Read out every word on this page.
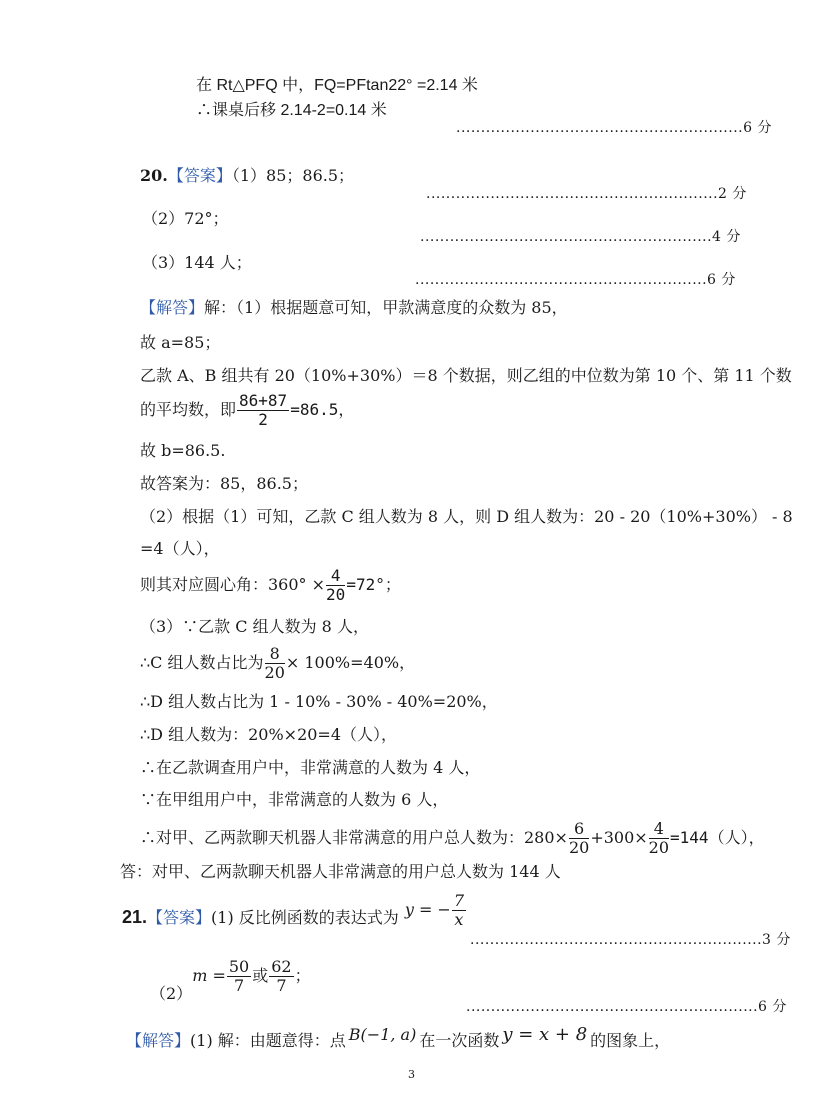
在 Rt△PFQ 中，FQ=PFtan22° =2.14 米
∴课桌后移 2.14-2=0.14 米
..........................................................6 分
20.【答案】（1）85；86.5；
...........................................................2 分
（2）72°；
...........................................................4 分
（3）144 人；
...........................................................6 分
【解答】解：（1）根据题意可知，甲款满意度的众数为 85，
故 a=85；
乙款 A、B 组共有 20（10%+30%）＝8 个数据，则乙组的中位数为第 10 个、第 11 个数
的平均数，即 $\frac{86+87}{2} =86.5$，
故 b=86.5.
故答案为：85，86.5；
（2）根据（1）可知，乙款 C 组人数为 8 人，则 D 组人数为：20 - 20（10%+30%） - 8
=4（人），
则其对应圆心角：$360^\circ \times \frac{4}{20} =72^\circ$；
（3）∵乙款 C 组人数为 8 人，
∴C 组人数占比为 $\frac{8}{20} \times 100\%=40\%$，
∴D 组人数占比为 1 - 10% - 30% - 40%=20%，
∴D 组人数为：20%×20=4（人），
∴在乙款调查用户中，非常满意的人数为 4 人，
∵在甲组用户中，非常满意的人数为 6 人，
∴对甲、乙两款聊天机器人非常满意的用户总人数为：$280\times \frac{6}{20} +300\times \frac{4}{20} =144$（人），
答：对甲、乙两款聊天机器人非常满意的用户总人数为 144 人
21.【答案】(1) 反比例函数的表达式为 y = − $\frac{7}{x}$
...........................................................3 分
$(2)m = \frac{50}{7}$ 或 $\frac{62}{7}$ ；
...........................................................6 分
【解答】(1) 解：由题意得：点 B(−1, a) 在一次函数 y = x + 8 的图象上，
3
